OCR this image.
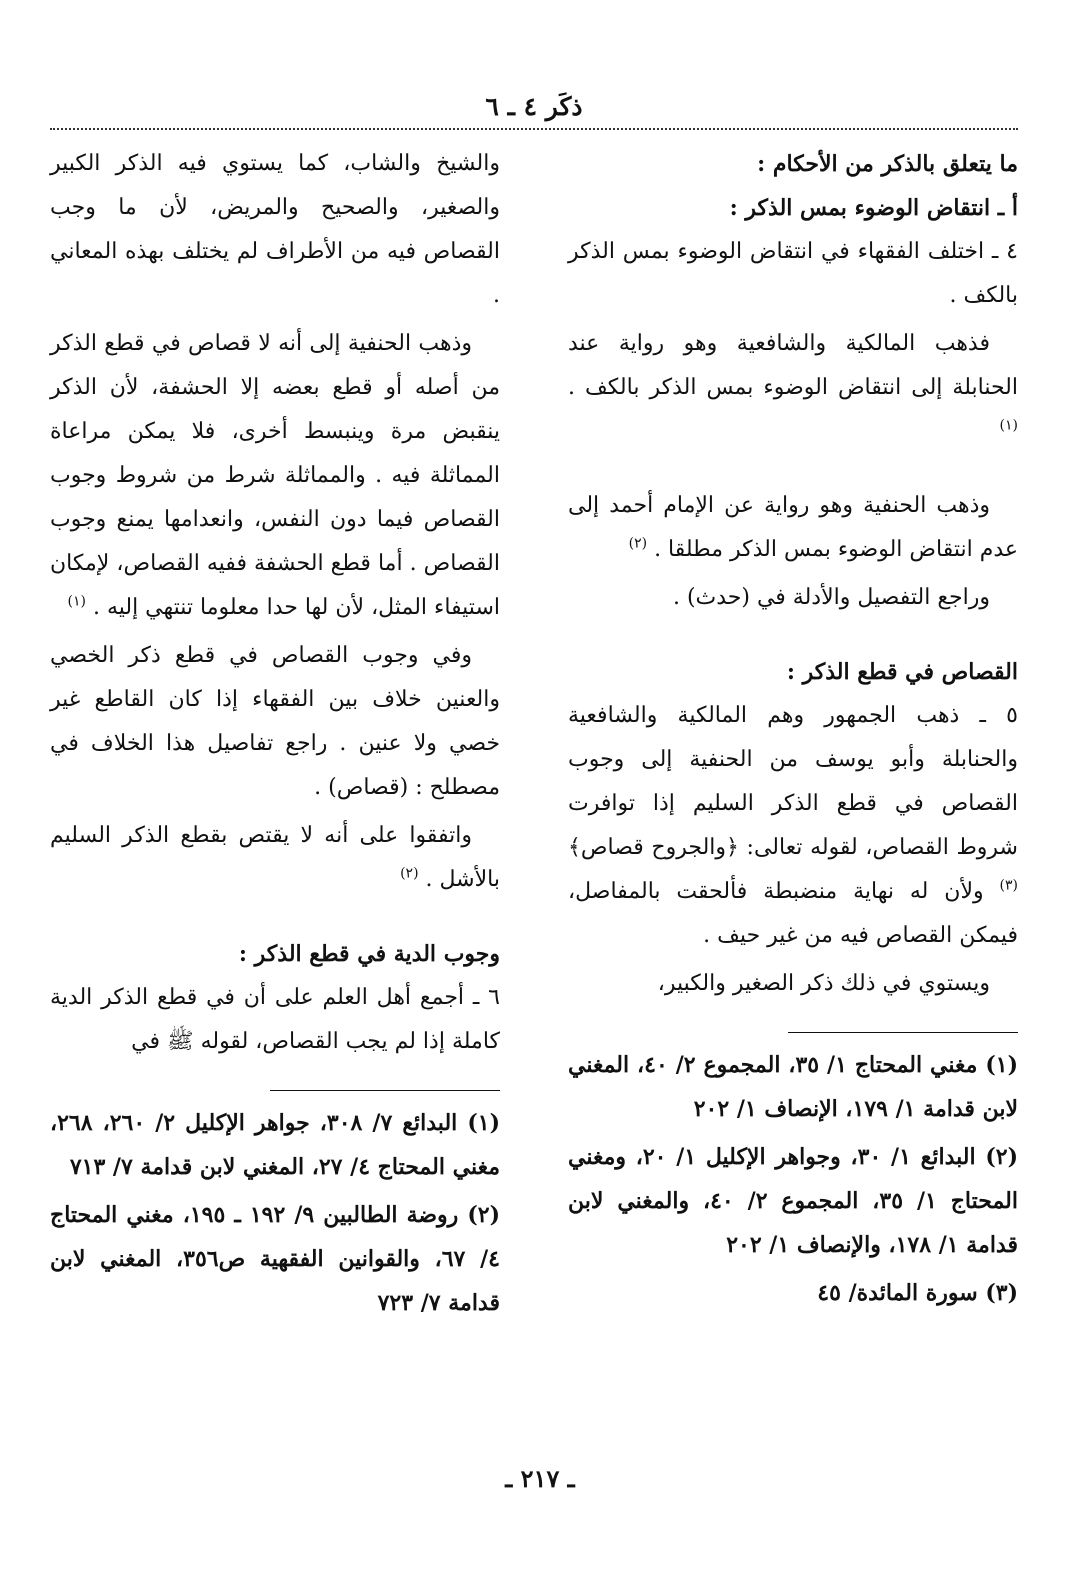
ذكَر ٤ ـ ٦
ما يتعلق بالذكر من الأحكام :
أ ـ انتقاض الوضوء بمس الذكر :

٤ ـ اختلف الفقهاء في انتقاض الوضوء بمس الذكر بالكف .

فذهب المالكية والشافعية وهو رواية عند الحنابلة إلى انتقاض الوضوء بمس الذكر بالكف . $^{(١)}$

وذهب الحنفية وهو رواية عن الإمام أحمد إلى عدم انتقاض الوضوء بمس الذكر مطلقا . $^{(٢)}$

وراجع التفصيل والأدلة في (حدث) .

القصاص في قطع الذكر :

٥ ـ ذهب الجمهور وهم المالكية والشافعية والحنابلة وأبو يوسف من الحنفية إلى وجوب القصاص في قطع الذكر السليم إذا توافرت شروط القصاص، لقوله تعالى: ﴿والجروح قصاص﴾$^{(٣)}$ ولأن له نهاية منضبطة فألحقت بالمفاصل، فيمكن القصاص فيه من غير حيف .

ويستوي في ذلك ذكر الصغير والكبير،

(١) مغني المحتاج ١/ ٣٥، المجموع ٢/ ٤٠، المغني لابن قدامة ١/ ١٧٩، الإنصاف ١/ ٢٠٢

(٢) البدائع ١/ ٣٠، وجواهر الإكليل ١/ ٢٠، ومغني المحتاج ١/ ٣٥، المجموع ٢/ ٤٠، والمغني لابن قدامة ١/ ١٧٨، والإنصاف ١/ ٢٠٢

(٣) سورة المائدة/ ٤٥

والشيخ والشاب، كما يستوي فيه الذكر الكبير والصغير، والصحيح والمريض، لأن ما وجب القصاص فيه من الأطراف لم يختلف بهذه المعاني .

وذهب الحنفية إلى أنه لا قصاص في قطع الذكر من أصله أو قطع بعضه إلا الحشفة، لأن الذكر ينقبض مرة وينبسط أخرى، فلا يمكن مراعاة المماثلة فيه . والمماثلة شرط من شروط وجوب القصاص فيما دون النفس، وانعدامها يمنع وجوب القصاص . أما قطع الحشفة ففيه القصاص، لإمكان استيفاء المثل، لأن لها حدا معلوما تنتهي إليه . $^{(١)}$

وفي وجوب القصاص في قطع ذكر الخصي والعنين خلاف بين الفقهاء إذا كان القاطع غير خصي ولا عنين . راجع تفاصيل هذا الخلاف في مصطلح : (قصاص) .

واتفقوا على أنه لا يقتص بقطع الذكر السليم بالأشل . $^{(٢)}$

وجوب الدية في قطع الذكر :

٦ ـ أجمع أهل العلم على أن في قطع الذكر الدية كاملة إذا لم يجب القصاص، لقوله ﷺ في

(١) البدائع ٧/ ٣٠٨، جواهر الإكليل ٢/ ٢٦٠، ٢٦٨، مغني المحتاج ٤/ ٢٧، المغني لابن قدامة ٧/ ٧١٣

(٢) روضة الطالبين ٩/ ١٩٢ ـ ١٩٥، مغني المحتاج ٤/ ٦٧، والقوانين الفقهية ص٣٥٦، المغني لابن قدامة ٧/ ٧٢٣

ـ ٢١٧ ـ
